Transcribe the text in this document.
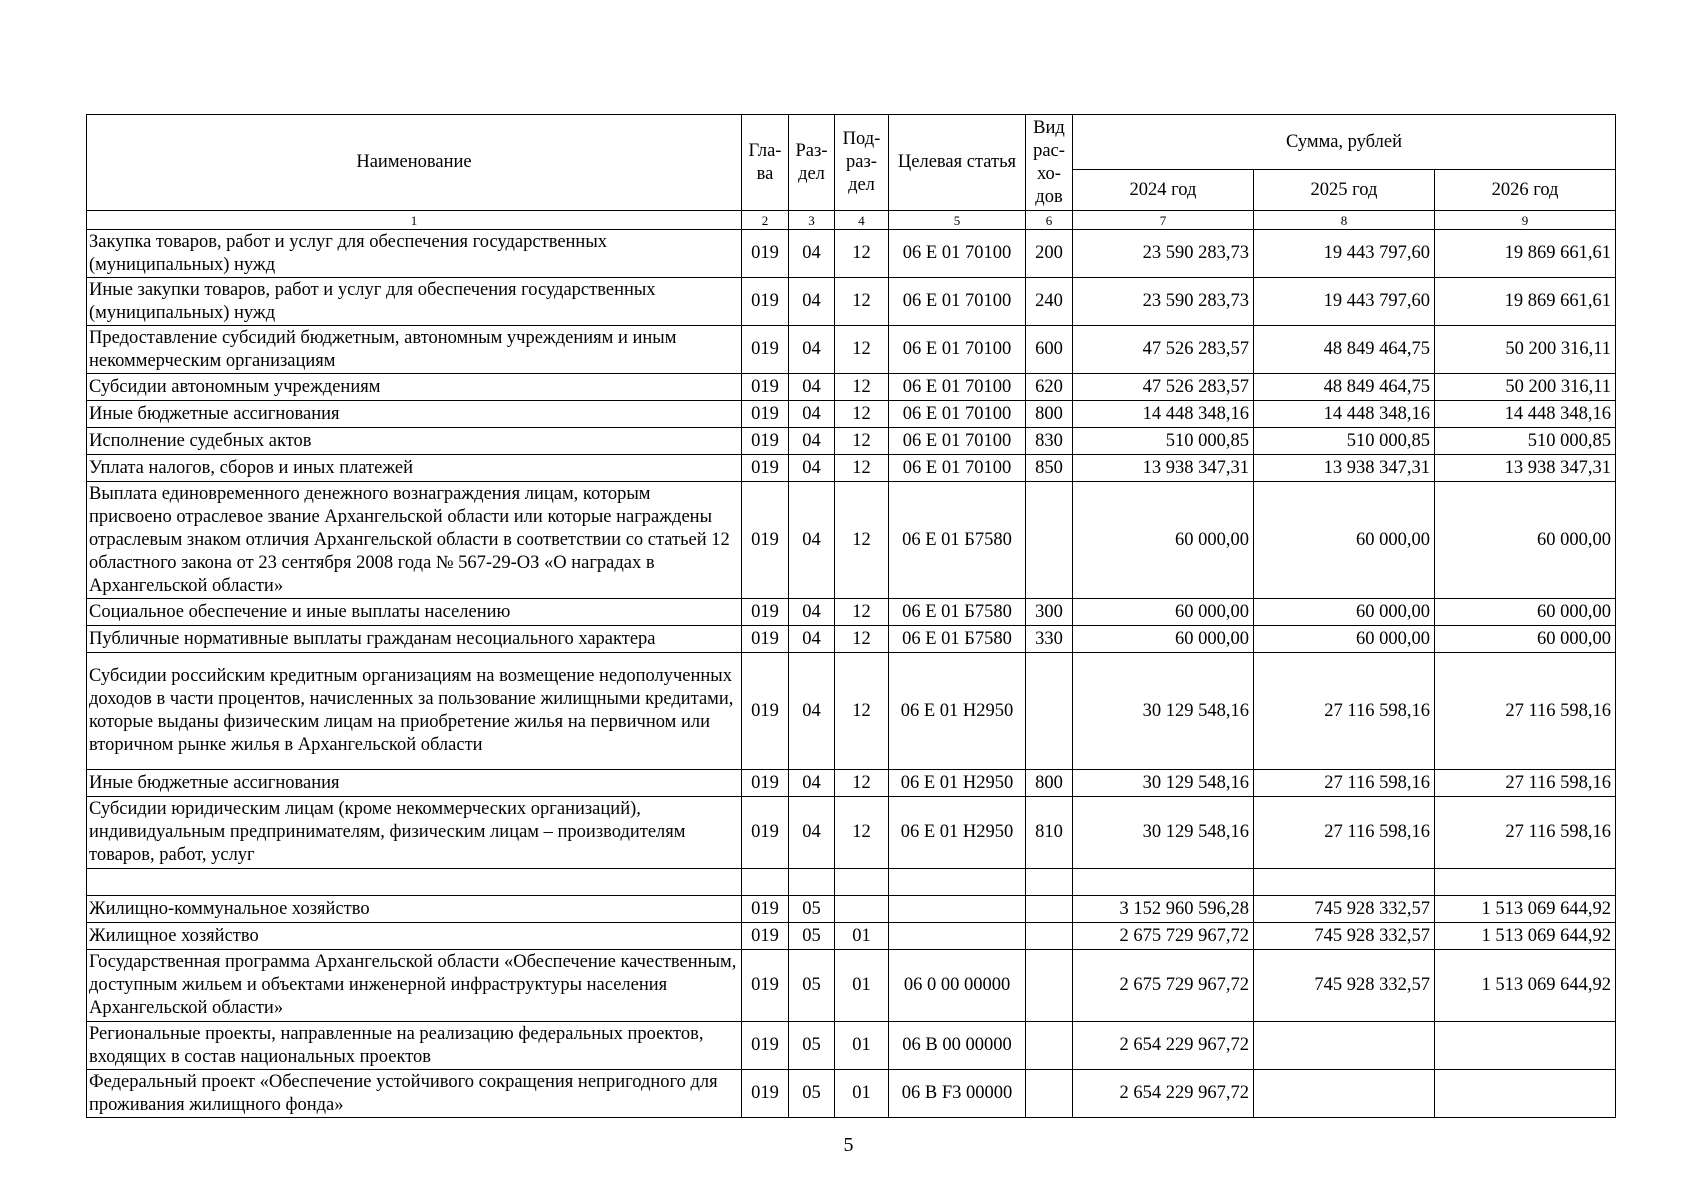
Наименование	Гла-ва	Раз-дел	Под-раз-дел	Целевая статья	Вид рас-хо-дов	Сумма, рублей		
						2024 год	2025 год	2026 год
1	2	3	4	5	6	7	8	9
Закупка товаров, работ и услуг для обеспечения государственных (муниципальных) нужд	019	04	12	06 Е 01 70100	200	23 590 283,73	19 443 797,60	19 869 661,61
Иные закупки товаров, работ и услуг для обеспечения государственных (муниципальных) нужд	019	04	12	06 Е 01 70100	240	23 590 283,73	19 443 797,60	19 869 661,61
Предоставление субсидий бюджетным, автономным учреждениям и иным некоммерческим организациям	019	04	12	06 Е 01 70100	600	47 526 283,57	48 849 464,75	50 200 316,11
Субсидии автономным учреждениям	019	04	12	06 Е 01 70100	620	47 526 283,57	48 849 464,75	50 200 316,11
Иные бюджетные ассигнования	019	04	12	06 Е 01 70100	800	14 448 348,16	14 448 348,16	14 448 348,16
Исполнение судебных актов	019	04	12	06 Е 01 70100	830	510 000,85	510 000,85	510 000,85
Уплата налогов, сборов и иных платежей	019	04	12	06 Е 01 70100	850	13 938 347,31	13 938 347,31	13 938 347,31
Выплата единовременного денежного вознаграждения лицам, которым присвоено отраслевое звание Архангельской области или которые награждены отраслевым знаком отличия Архангельской области в соответствии со статьей 12 областного закона от 23 сентября 2008 года № 567-29-ОЗ «О наградах в Архангельской области»	019	04	12	06 Е 01 Б7580		60 000,00	60 000,00	60 000,00
Социальное обеспечение и иные выплаты населению	019	04	12	06 Е 01 Б7580	300	60 000,00	60 000,00	60 000,00
Публичные нормативные выплаты гражданам несоциального характера	019	04	12	06 Е 01 Б7580	330	60 000,00	60 000,00	60 000,00
Субсидии российским кредитным организациям на возмещение недополученных доходов в части процентов, начисленных за пользование жилищными кредитами, которые выданы физическим лицам на приобретение жилья на первичном или вторичном рынке жилья в Архангельской области	019	04	12	06 Е 01 Н2950		30 129 548,16	27 116 598,16	27 116 598,16
Иные бюджетные ассигнования	019	04	12	06 Е 01 Н2950	800	30 129 548,16	27 116 598,16	27 116 598,16
Субсидии юридическим лицам (кроме некоммерческих организаций), индивидуальным предпринимателям, физическим лицам – производителям товаров, работ, услуг	019	04	12	06 Е 01 Н2950	810	30 129 548,16	27 116 598,16	27 116 598,16

Жилищно-коммунальное хозяйство	019	05				3 152 960 596,28	745 928 332,57	1 513 069 644,92
Жилищное хозяйство	019	05	01			2 675 729 967,72	745 928 332,57	1 513 069 644,92
Государственная программа Архангельской области «Обеспечение качественным, доступным жильем и объектами инженерной инфраструктуры населения Архангельской области»	019	05	01	06 0 00 00000		2 675 729 967,72	745 928 332,57	1 513 069 644,92
Региональные проекты, направленные на реализацию федеральных проектов, входящих в состав национальных проектов	019	05	01	06 В 00 00000		2 654 229 967,72		
Федеральный проект «Обеспечение устойчивого сокращения непригодного для проживания жилищного фонда»	019	05	01	06 В F3 00000		2 654 229 967,72		
5
